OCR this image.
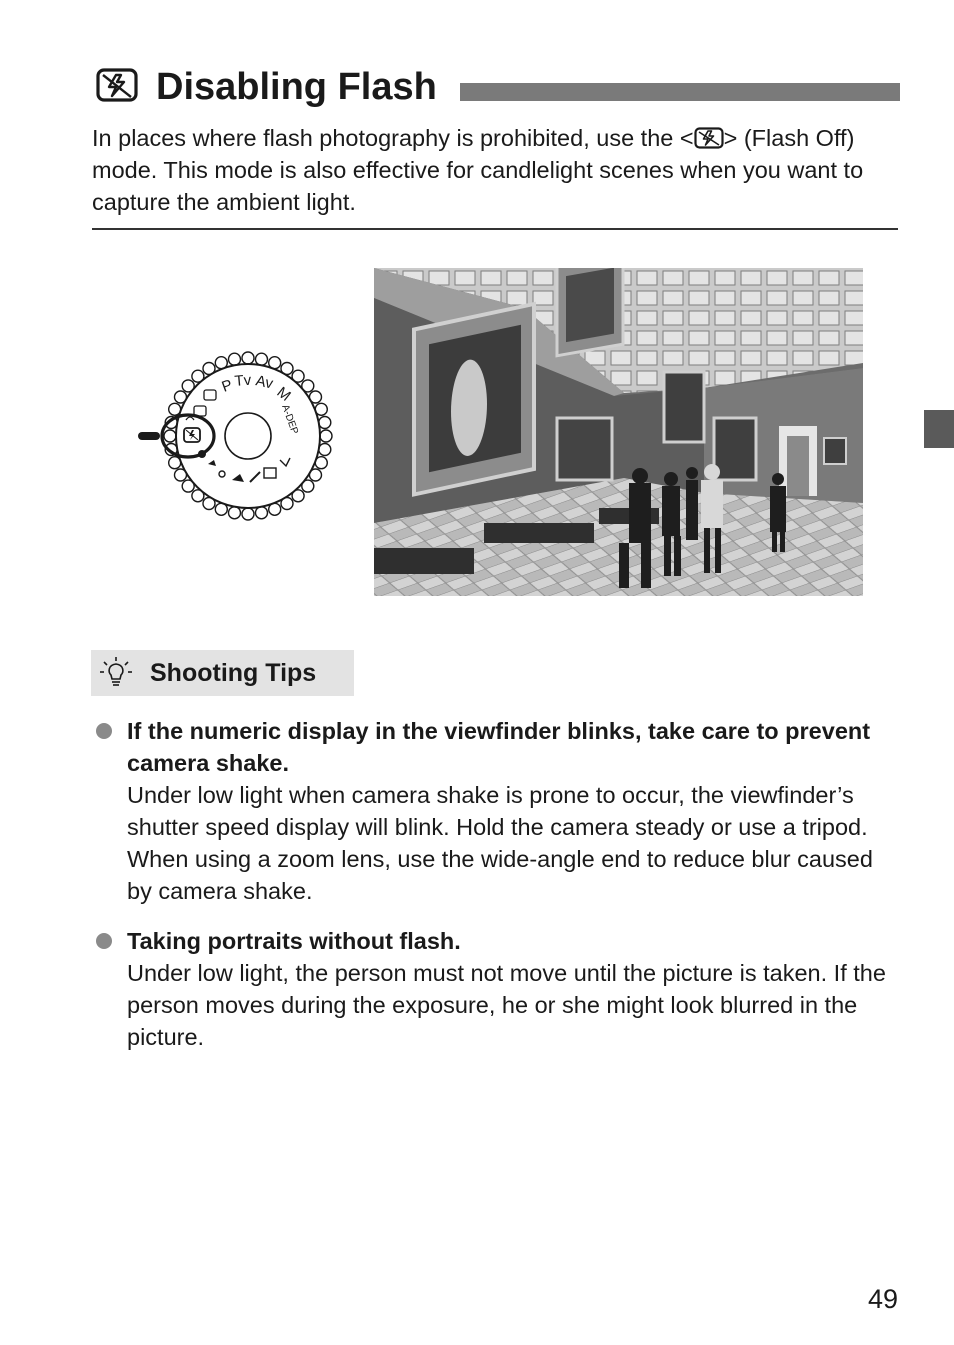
Disabling Flash
In places where flash photography is prohibited, use the < > (Flash Off) mode. This mode is also effective for candlelight scenes when you want to capture the ambient light.
P Tv Av
M
A-DEP
Shooting Tips
If the numeric display in the viewfinder blinks, take care to prevent camera shake.
Under low light when camera shake is prone to occur, the viewfinder’s shutter speed display will blink. Hold the camera steady or use a tripod. When using a zoom lens, use the wide-angle end to reduce blur caused by camera shake.
Taking portraits without flash.
Under low light, the person must not move until the picture is taken. If the person moves during the exposure, he or she might look blurred in the picture.
49
